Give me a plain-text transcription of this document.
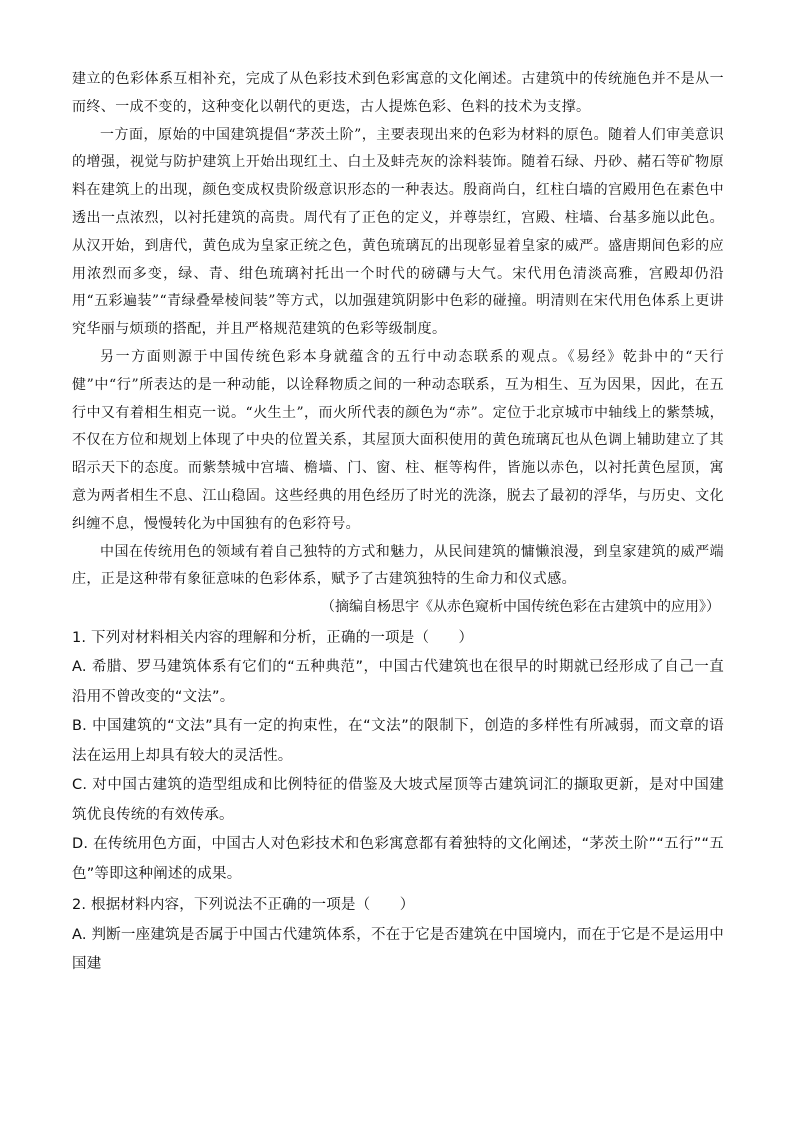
建立的色彩体系互相补充，完成了从色彩技术到色彩寓意的文化阐述。古建筑中的传统施色并不是从一而终、一成不变的，这种变化以朝代的更迭，古人提炼色彩、色料的技术为支撑。

一方面，原始的中国建筑提倡“茅茨土阶”，主要表现出来的色彩为材料的原色。随着人们审美意识的增强，视觉与防护建筑上开始出现红土、白土及蚌壳灰的涂料装饰。随着石绿、丹砂、赭石等矿物原料在建筑上的出现，颜色变成权贵阶级意识形态的一种表达。殷商尚白，红柱白墙的宫殿用色在素色中透出一点浓烈，以衬托建筑的高贵。周代有了正色的定义，并尊崇红，宫殿、柱墙、台基多施以此色。从汉开始，到唐代，黄色成为皇家正统之色，黄色琉璃瓦的出现彰显着皇家的威严。盛唐期间色彩的应用浓烈而多变，绿、青、绀色琉璃衬托出一个时代的磅礴与大气。宋代用色清淡高雅，宫殿却仍沿用“五彩遍装”“青绿叠晕棱间装”等方式，以加强建筑阴影中色彩的碰撞。明清则在宋代用色体系上更讲究华丽与烦琐的搭配，并且严格规范建筑的色彩等级制度。

另一方面则源于中国传统色彩本身就蕴含的五行中动态联系的观点。《易经》乾卦中的“天行健”中“行”所表达的是一种动能，以诠释物质之间的一种动态联系，互为相生、互为因果，因此，在五行中又有着相生相克一说。“火生土”，而火所代表的颜色为“赤”。定位于北京城市中轴线上的紫禁城，不仅在方位和规划上体现了中央的位置关系，其屋顶大面积使用的黄色琉璃瓦也从色调上辅助建立了其昭示天下的态度。而紫禁城中宫墙、檐墙、门、窗、柱、框等构件，皆施以赤色，以衬托黄色屋顶，寓意为两者相生不息、江山稳固。这些经典的用色经历了时光的洗涤，脱去了最初的浮华，与历史、文化纠缠不息，慢慢转化为中国独有的色彩符号。

中国在传统用色的领域有着自己独特的方式和魅力，从民间建筑的慵懒浪漫，到皇家建筑的威严端庄，正是这种带有象征意味的色彩体系，赋予了古建筑独特的生命力和仪式感。

（摘编自杨思宇《从赤色窥析中国传统色彩在古建筑中的应用》）

1. 下列对材料相关内容的理解和分析，正确的一项是（　　）

A. 希腊、罗马建筑体系有它们的“五种典范”，中国古代建筑也在很早的时期就已经形成了自己一直沿用不曾改变的“文法”。

B. 中国建筑的“文法”具有一定的拘束性，在“文法”的限制下，创造的多样性有所减弱，而文章的语法在运用上却具有较大的灵活性。

C. 对中国古建筑的造型组成和比例特征的借鉴及大坡式屋顶等古建筑词汇的撷取更新，是对中国建筑优良传统的有效传承。

D. 在传统用色方面，中国古人对色彩技术和色彩寓意都有着独特的文化阐述，“茅茨土阶”“五行”“五色”等即这种阐述的成果。

2. 根据材料内容，下列说法不正确的一项是（　　）

A. 判断一座建筑是否属于中国古代建筑体系，不在于它是否建筑在中国境内，而在于它是不是运用中国建
